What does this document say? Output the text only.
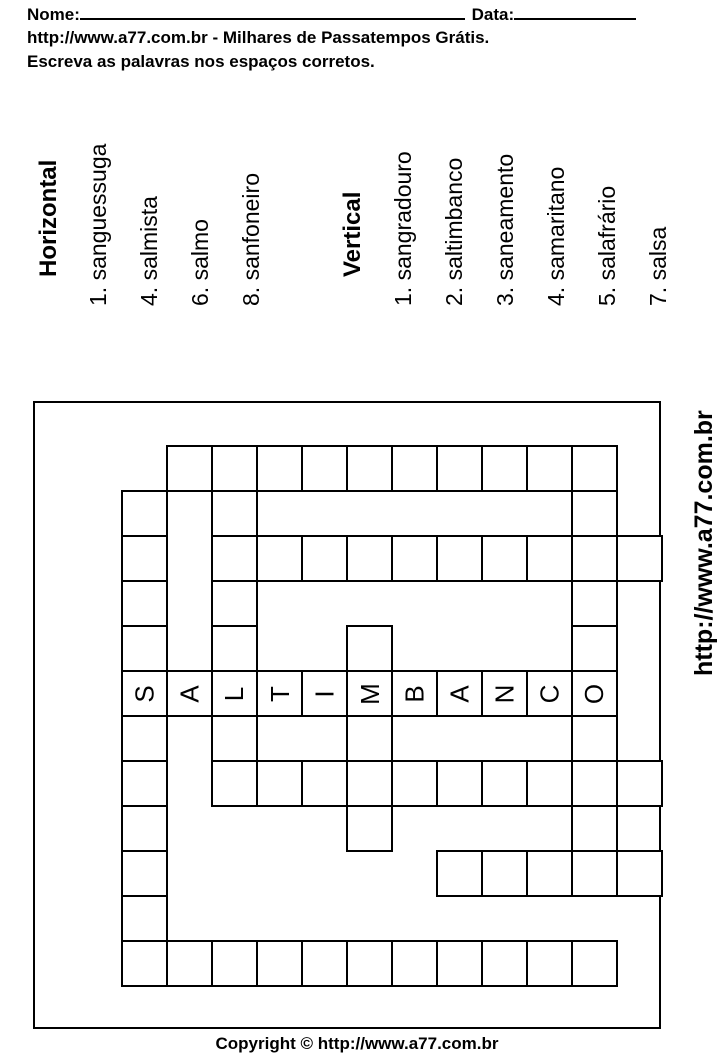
Nome:	Data:
http://www.a77.com.br - Milhares de Passatempos Grátis.
Escreva as palavras nos espaços corretos.
Horizontal 1. sanguessuga 4. salmista 6. salmo 8. sanfoneiro	Vertical 1. sangradouro 2. saltimbanco 3. saneamento 4. samaritano 5. salafrário 7. salsa
http://www.a77.com.br
S A L T I M B A N C O
Copyright © http://www.a77.com.br
